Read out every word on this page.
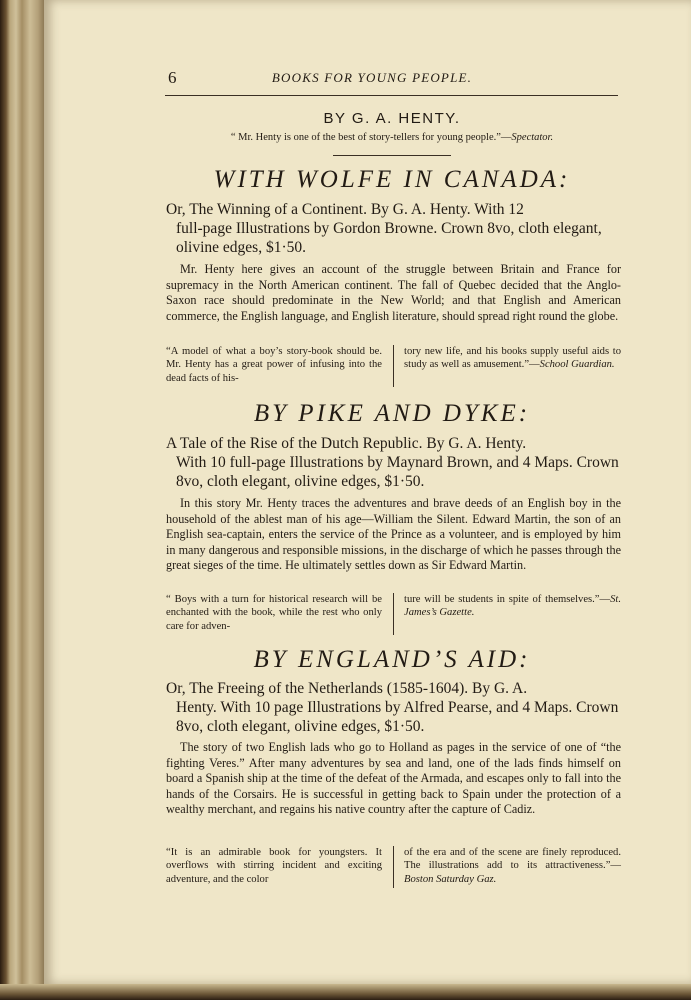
6	BOOKS FOR YOUNG PEOPLE.
BY G. A. HENTY.
“ Mr. Henty is one of the best of story-tellers for young people.”—Spectator.
WITH WOLFE IN CANADA:

Or, The Winning of a Continent. By G. A. Henty. With 12

full-page Illustrations by Gordon Browne. Crown 8vo, cloth elegant, olivine edges, $1·50.

Mr. Henty here gives an account of the struggle between Britain and France for supremacy in the North American continent. The fall of Quebec decided that the Anglo-Saxon race should predominate in the New World; and that English and American commerce, the English language, and English literature, should spread right round the globe.

“A model of what a boy’s story-book should be. Mr. Henty has a great power of infusing into the dead facts of his-
tory new life, and his books supply useful aids to study as well as amusement.”—School Guardian.
BY PIKE AND DYKE:

A Tale of the Rise of the Dutch Republic. By G. A. Henty.

With 10 full-page Illustrations by Maynard Brown, and 4 Maps. Crown 8vo, cloth elegant, olivine edges, $1·50.

In this story Mr. Henty traces the adventures and brave deeds of an English boy in the household of the ablest man of his age—William the Silent. Edward Martin, the son of an English sea-captain, enters the service of the Prince as a volunteer, and is employed by him in many dangerous and responsible missions, in the discharge of which he passes through the great sieges of the time. He ultimately settles down as Sir Edward Martin.

“ Boys with a turn for historical research will be enchanted with the book, while the rest who only care for adven-
ture will be students in spite of themselves.”—St. James’s Gazette.
BY ENGLAND’S AID:

Or, The Freeing of the Netherlands (1585-1604). By G. A.

Henty. With 10 page Illustrations by Alfred Pearse, and 4 Maps. Crown 8vo, cloth elegant, olivine edges, $1·50.

The story of two English lads who go to Holland as pages in the service of one of “the fighting Veres.” After many adventures by sea and land, one of the lads finds himself on board a Spanish ship at the time of the defeat of the Armada, and escapes only to fall into the hands of the Corsairs. He is successful in getting back to Spain under the protection of a wealthy merchant, and regains his native country after the capture of Cadiz.

“It is an admirable book for youngsters. It overflows with stirring incident and exciting adventure, and the color
of the era and of the scene are finely reproduced. The illustrations add to its attractiveness.”—Boston Saturday Gaz.
